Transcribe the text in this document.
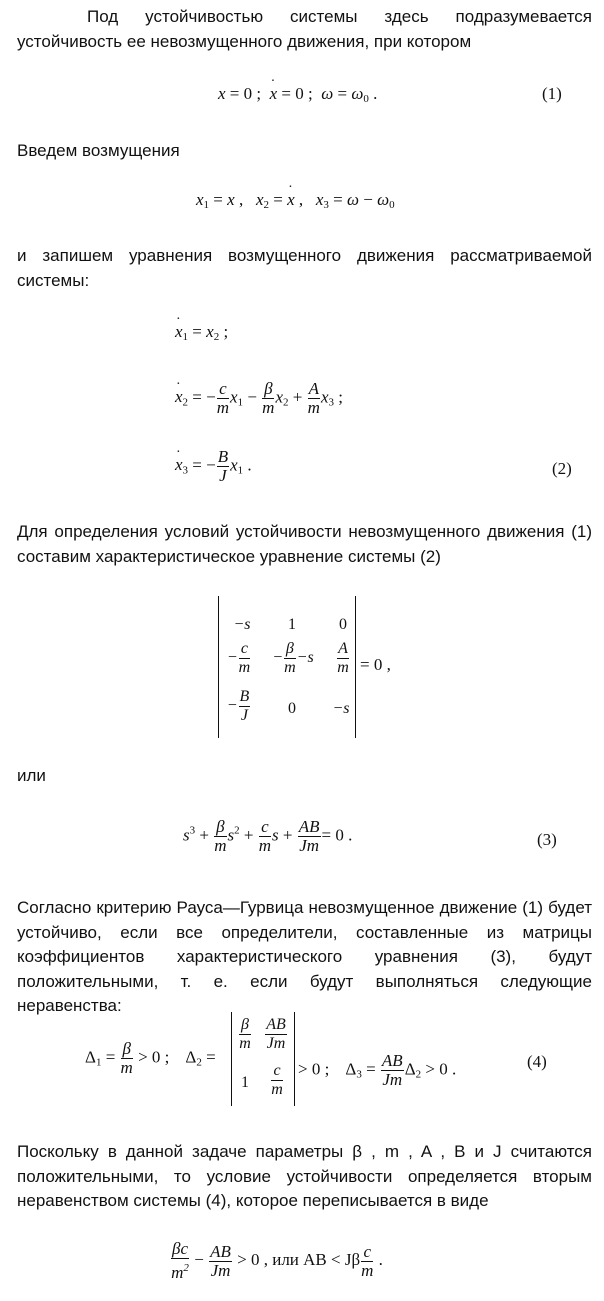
Под устойчивостью системы здесь подразумевается устойчивость ее невозмущенного движения, при котором
x = 0 ;  x · = 0 ;  $\omega = \omega_0$ .	(1)
Введем возмущения
$x_1 = x$ ,   $x_2 = x$ · ,   $x_3 = \omega - \omega_0$
и запишем уравнения возмущенного движения рассматриваемой системы:
$x \cdot_1 = x_2$ ;
$x \cdot_2$ = − $\frac{c}{m} x_1 - \frac{\beta}{m} x_2 + \frac{A}{m} x_3$ ;
$x \cdot_3$ = − $\frac{B}{J} x_1$ .	(2)
Для определения условий устойчивости невозмущенного движения (1) составим характеристическое уравнение системы (2)
−s	1	0
− $\frac{c}{m}$	− $\frac{\beta}{m} -s$	$\frac{A}{m}$
− $\frac{B}{J}$	0	−s
= 0 ,
или
$s^3 + \frac{\beta}{m} s^2 + \frac{c}{m}$ $s + \frac{AB}{Jm} = 0$ .	(3)
Согласно критерию Рауса—Гурвица невозмущенное движение (1) будет устойчиво, если все определители, составленные из матрицы коэффициентов характеристического уравнения (3), будут положительными, т. е. если будут выполняться следующие неравенства:
$\Delta_1 = \frac{\beta}{m} > 0$ ;    $\Delta_2$ =
$\frac{\beta}{m} \frac{AB}{Jm}$
1	$\frac{c}{m} > 0$ ;    $\Delta_3 = \frac{AB}{Jm} \Delta_2 > 0$ .	(4)
Поскольку в данной задаче параметры β , m , A , B и J считаются положительными, то условие устойчивости определяется вторым неравенством системы (4), которое переписывается в виде
$\frac{\beta c}{m^2} - \frac{AB}{Jm} > 0$ , или AB < Jβ $\frac{c}{m}$ .
